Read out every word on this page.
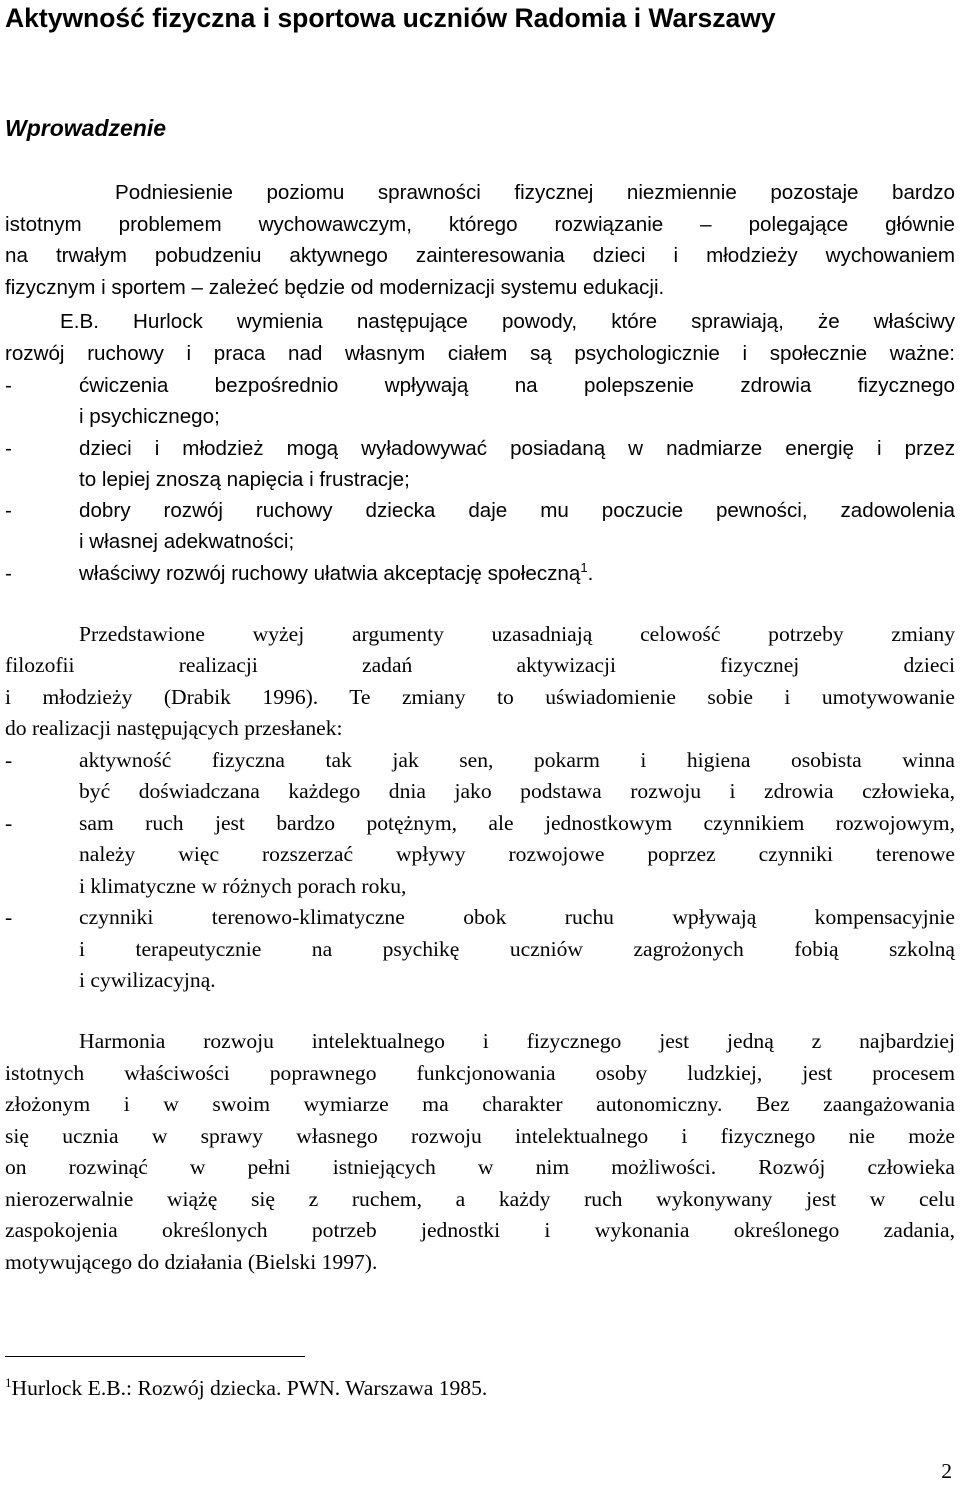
Aktywność fizyczna i sportowa uczniów Radomia i Warszawy
Wprowadzenie
Podniesienie poziomu sprawności fizycznej niezmiennie pozostaje bardzo
istotnym problemem wychowawczym, którego rozwiązanie – polegające głównie
na trwałym pobudzeniu aktywnego zainteresowania dzieci i młodzieży wychowaniem
fizycznym i sportem – zależeć będzie od modernizacji systemu edukacji.
E.B. Hurlock wymienia następujące powody, które sprawiają, że właściwy
rozwój ruchowy i praca nad własnym ciałem są psychologicznie i społecznie ważne:
-	ćwiczenia bezpośrednio wpływają na polepszenie zdrowia fizycznego
i psychicznego;
-	dzieci i młodzież mogą wyładowywać posiadaną w nadmiarze energię i przez
to lepiej znoszą napięcia i frustracje;
-	dobry rozwój ruchowy dziecka daje mu poczucie pewności, zadowolenia
i własnej adekwatności;
-	właściwy rozwój ruchowy ułatwia akceptację społeczną$^1$.
Przedstawione wyżej argumenty uzasadniają celowość potrzeby zmiany
filozofii realizacji zadań aktywizacji fizycznej dzieci
i młodzieży (Drabik 1996). Te zmiany to uświadomienie sobie i umotywowanie
do realizacji następujących przesłanek:
-	aktywność fizyczna tak jak sen, pokarm i higiena osobista winna
być doświadczana każdego dnia jako podstawa rozwoju i zdrowia człowieka,
-	sam ruch jest bardzo potężnym, ale jednostkowym czynnikiem rozwojowym,
należy więc rozszerzać wpływy rozwojowe poprzez czynniki terenowe
i klimatyczne w różnych porach roku,
-	czynniki terenowo-klimatyczne obok ruchu wpływają kompensacyjnie
i terapeutycznie na psychikę uczniów zagrożonych fobią szkolną
i cywilizacyjną.
Harmonia rozwoju intelektualnego i fizycznego jest jedną z najbardziej
istotnych właściwości poprawnego funkcjonowania osoby ludzkiej, jest procesem
złożonym i w swoim wymiarze ma charakter autonomiczny. Bez zaangażowania
się ucznia w sprawy własnego rozwoju intelektualnego i fizycznego nie może
on rozwinąć w pełni istniejących w nim możliwości. Rozwój człowieka
nierozerwalnie wiążę się z ruchem, a każdy ruch wykonywany jest w celu
zaspokojenia określonych potrzeb jednostki i wykonania określonego zadania,
motywującego do działania (Bielski 1997).
$^1$Hurlock E.B.: Rozwój dziecka. PWN. Warszawa 1985.
2
